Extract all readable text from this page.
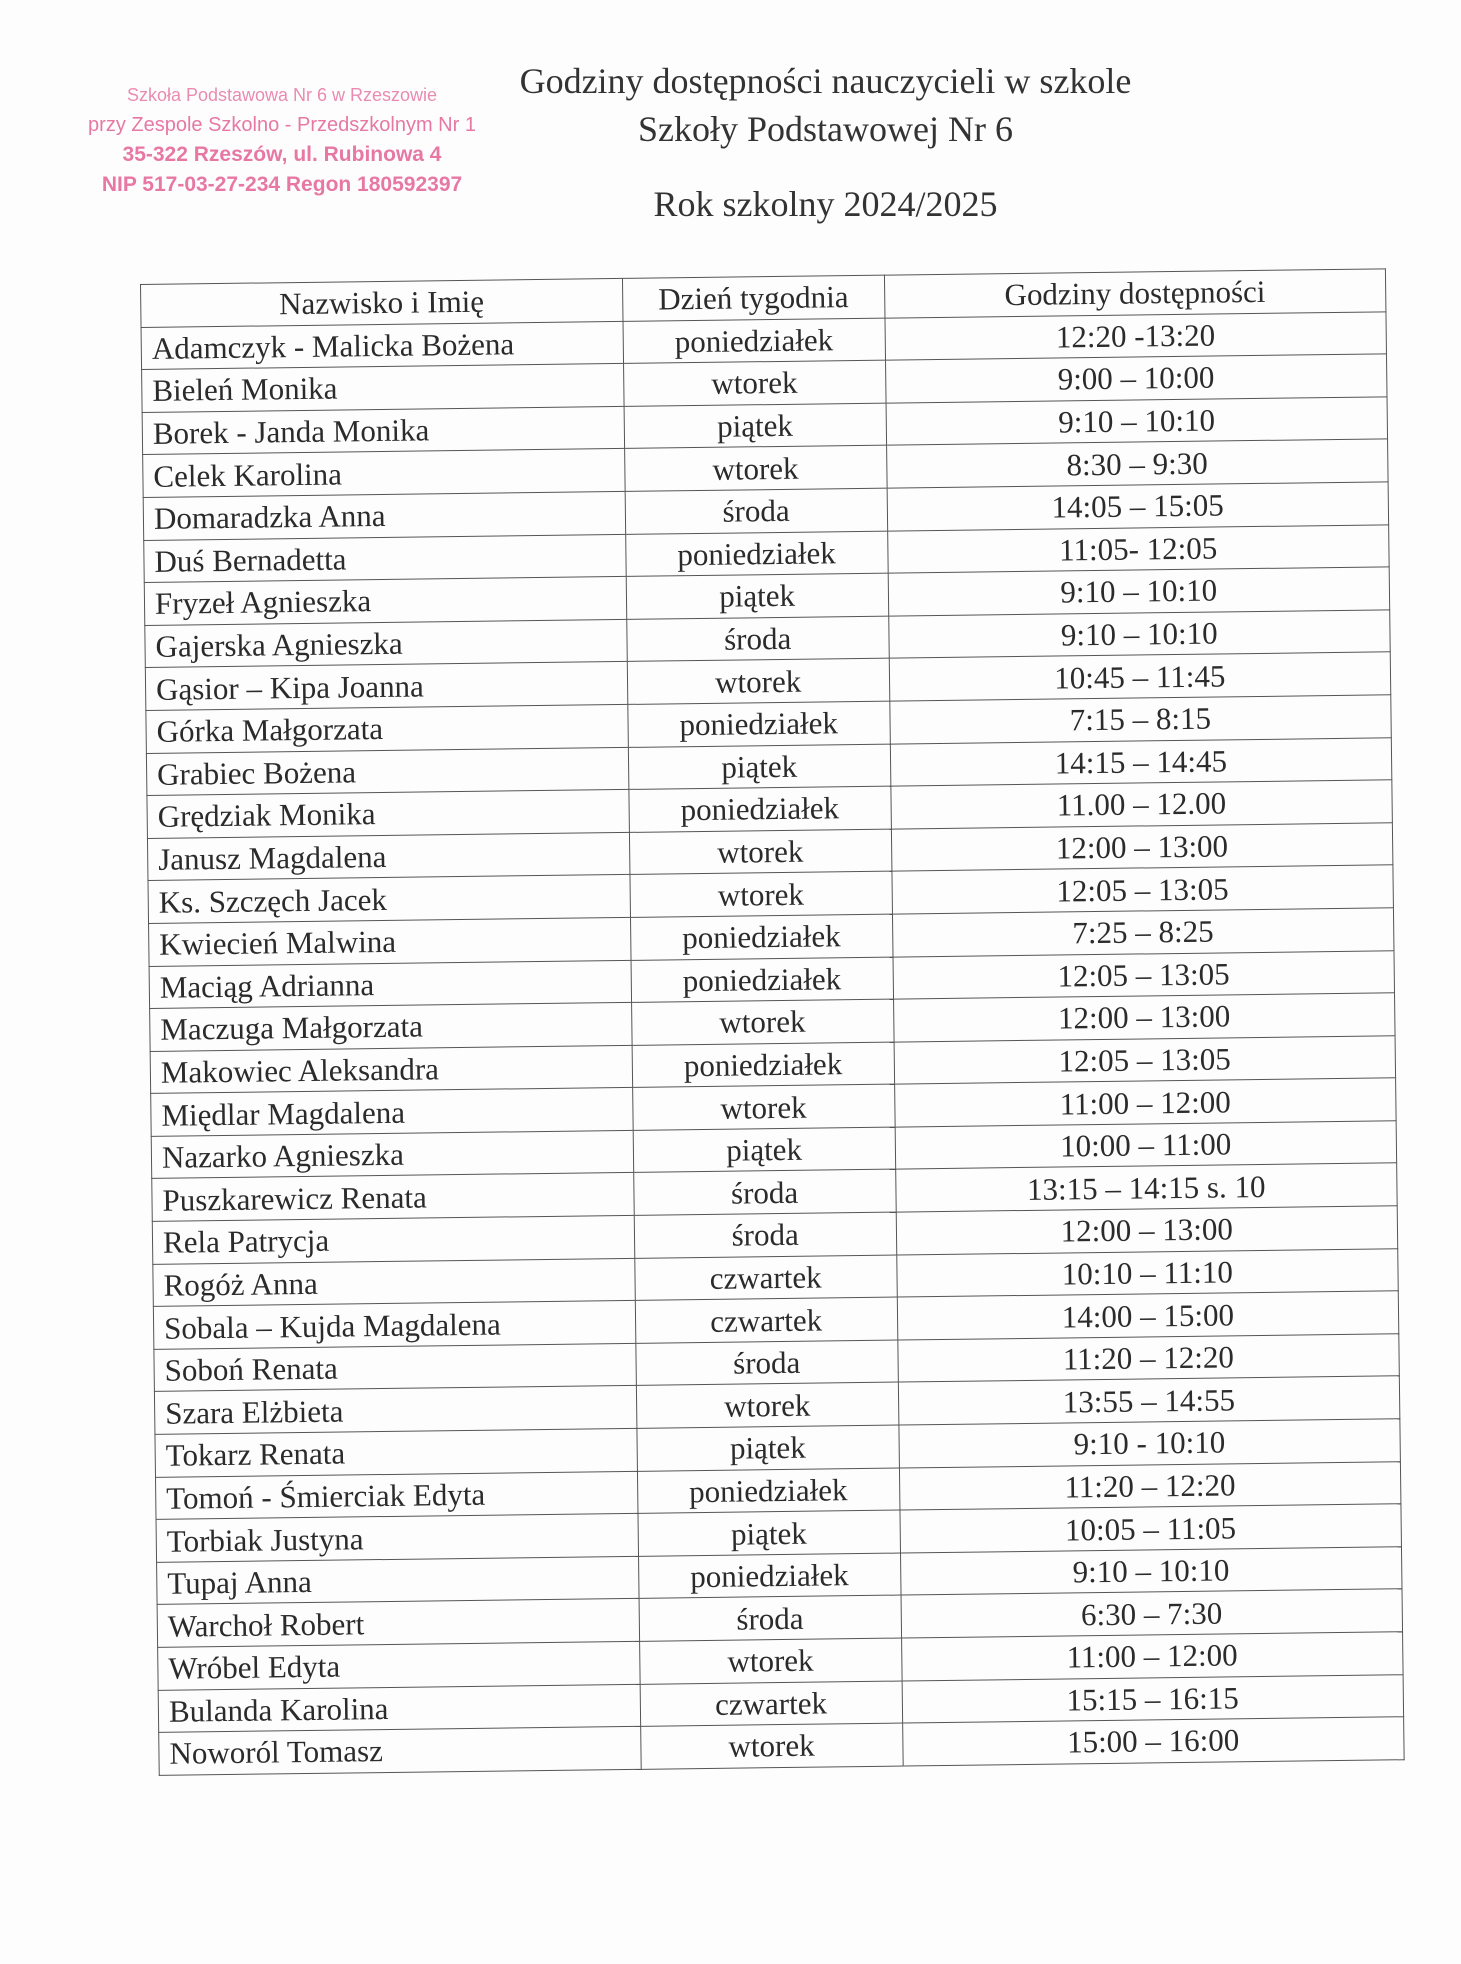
Szkoła Podstawowa Nr 6 w Rzeszowie
przy Zespole Szkolno - Przedszkolnym Nr 1
35-322 Rzeszów, ul. Rubinowa 4
NIP 517-03-27-234 Regon 180592397
Godziny dostępności nauczycieli w szkole
Szkoły Podstawowej Nr 6
Rok szkolny 2024/2025
Nazwisko i Imię	Dzień tygodnia	Godziny dostępności
Adamczyk - Malicka Bożena	poniedziałek	12:20 -13:20
Bieleń Monika	wtorek	9:00 – 10:00
Borek - Janda Monika	piątek	9:10 – 10:10
Celek Karolina	wtorek	8:30 – 9:30
Domaradzka Anna	środa	14:05 – 15:05
Duś Bernadetta	poniedziałek	11:05- 12:05
Fryzeł Agnieszka	piątek	9:10 – 10:10
Gajerska Agnieszka	środa	9:10 – 10:10
Gąsior – Kipa Joanna	wtorek	10:45 – 11:45
Górka Małgorzata	poniedziałek	7:15 – 8:15
Grabiec Bożena	piątek	14:15 – 14:45
Grędziak Monika	poniedziałek	11.00 – 12.00
Janusz Magdalena	wtorek	12:00 – 13:00
Ks. Szczęch Jacek	wtorek	12:05 – 13:05
Kwiecień Malwina	poniedziałek	7:25 – 8:25
Maciąg Adrianna	poniedziałek	12:05 – 13:05
Maczuga Małgorzata	wtorek	12:00 – 13:00
Makowiec Aleksandra	poniedziałek	12:05 – 13:05
Międlar Magdalena	wtorek	11:00 – 12:00
Nazarko Agnieszka	piątek	10:00 – 11:00
Puszkarewicz Renata	środa	13:15 – 14:15 s. 10
Rela Patrycja	środa	12:00 – 13:00
Rogóż Anna	czwartek	10:10 – 11:10
Sobala – Kujda Magdalena	czwartek	14:00 – 15:00
Soboń Renata	środa	11:20 – 12:20
Szara Elżbieta	wtorek	13:55 – 14:55
Tokarz Renata	piątek	9:10 - 10:10
Tomoń - Śmierciak Edyta	poniedziałek	11:20 – 12:20
Torbiak Justyna	piątek	10:05 – 11:05
Tupaj Anna	poniedziałek	9:10 – 10:10
Warchoł Robert	środa	6:30 – 7:30
Wróbel Edyta	wtorek	11:00 – 12:00
Bulanda Karolina	czwartek	15:15 – 16:15
Noworól Tomasz	wtorek	15:00 – 16:00
